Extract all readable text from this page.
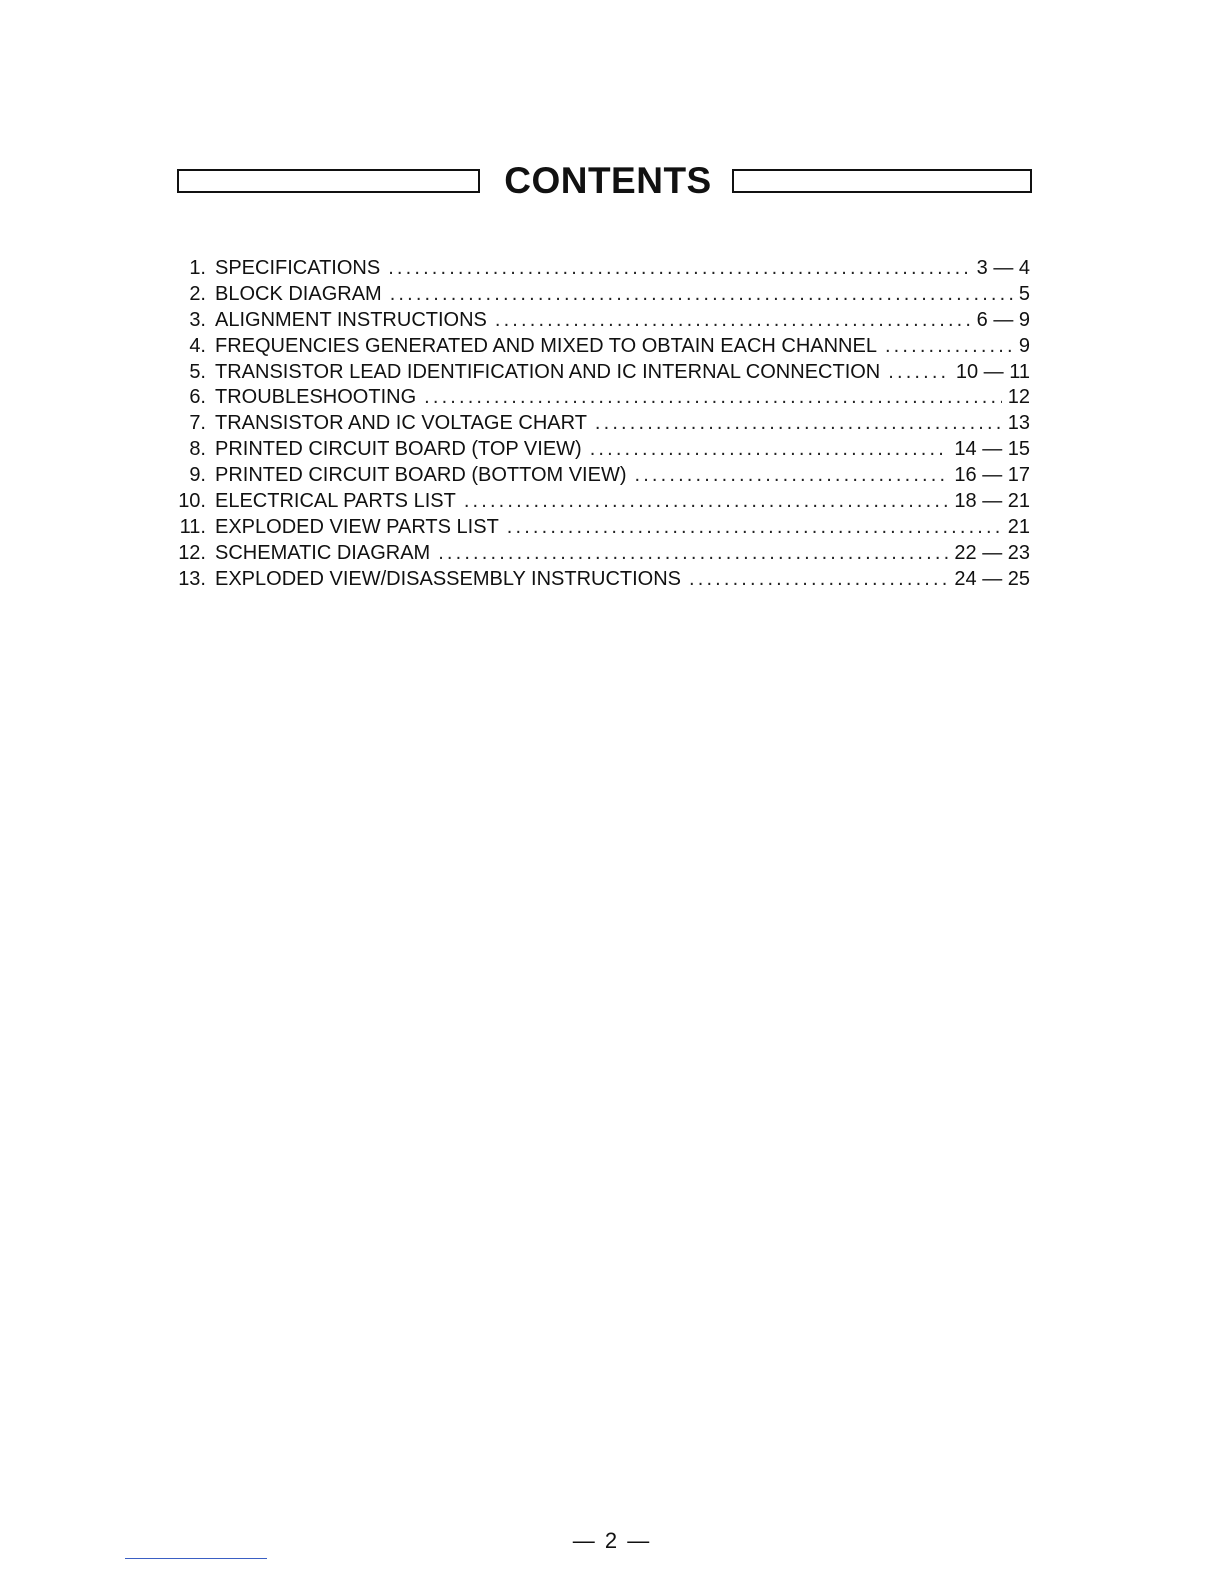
CONTENTS
1. SPECIFICATIONS . . .	3 — 4
2. BLOCK DIAGRAM . . .	5
3. ALIGNMENT INSTRUCTIONS . . .	6 — 9
4. FREQUENCIES GENERATED AND MIXED TO OBTAIN EACH CHANNEL . . .	9
5. TRANSISTOR LEAD IDENTIFICATION AND IC INTERNAL CONNECTION . . .	10 — 11
6. TROUBLESHOOTING . . .	12
7. TRANSISTOR AND IC VOLTAGE CHART . . .	13
8. PRINTED CIRCUIT BOARD (TOP VIEW) . . .	14 — 15
9. PRINTED CIRCUIT BOARD (BOTTOM VIEW) . . .	16 — 17
10. ELECTRICAL PARTS LIST . . .	18 — 21
11. EXPLODED VIEW PARTS LIST . . .	21
12. SCHEMATIC DIAGRAM . . .	22 — 23
13. EXPLODED VIEW/DISASSEMBLY INSTRUCTIONS . . .	24 — 25
— 2 —
